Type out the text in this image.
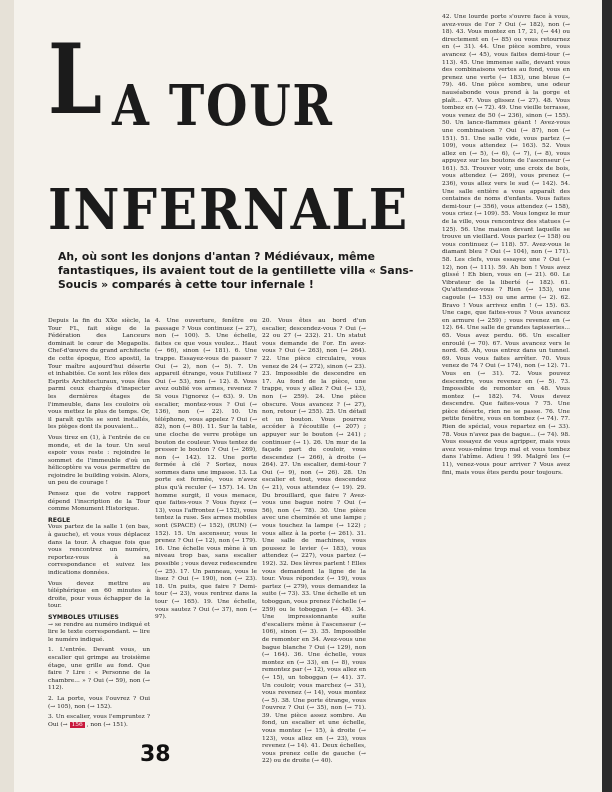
L A TOUR
INFERNALE
Ah, où sont les donjons d'antan ? Médiévaux, même fantastiques, ils avaient tout de la gentillette villa « Sans-Soucis » comparés à cette tour infernale !

Depuis la fin du XXe siècle, la Tour FL, fait siège de la Fédération des Lanceurs dominait le cœur de Megapolis. Chef-d'œuvre du grand architecte de cette époque, Eco apostil, la Tour maître aujourd'hui déserte et inhabitée. Ce sont les rôles des Esprits Architecturaux, vous êtes parmi ceux chargés d'inspecter les dernières étages de l'immeuble, dans les couloirs où vous mettez le plus de temps. Or, il paraît qu'ils se sont installés, les pièges dont ils pouvaient...

Vous tirez en (1), à l'entrée de ce monde, et de la tour. Un seul espoir vous reste : rejoindre le sommet de l'immeuble d'où un hélicoptère va vous permettre de rejoindre le building voisin. Alors, un peu de courage !

Pensez que de votre rapport dépend l'inscription de la Tour comme Monument Historique.

REGLE

Vous partez de la salle 1 (en bas, à gauche), et vous vous déplacez dans la tour. À chaque fois que vous rencontrez un numéro, reportez-vous à sa correspondance et suivez les indications données.

Vous devez mettre au téléphérique en 60 minutes à droite, pour vous échapper de la tour.

SYMBOLES UTILISES

→ se rendre au numéro indiqué et lire le texte correspondant. ← lire le numéro indiqué.

1. L'entrée. Devant vous, un escalier qui grimpe au troisième étage, une grille au fond. Que faire ? Lire : « Personne de la chambre... » ? Oui (→ 59), non (→ 112).

2. La porte, vous l'ouvrez ? Oui (→ 105), non (→ 152).

3. Un escalier, vous l'empruntez ? Oui (→ 156 , non (→ 151).

4. Une ouverture, fenêtre ou passage ? Vous continuez (→ 27), non (→ 100). 5. Une échelle, faites ce que vous voulez... Haut (→ 66), sinon (→ 181). 6. Une trappe. Essayez-vous de passer ? Oui (→ 2), non (→ 5). 7. Un appareil étrange, vous l'utilisez ? Oui (→ 53), non (→ 12). 8. Vous avez oublié vos armes, revenez ? Si vous l'ignorez (→ 63). 9. Un escalier, montez-vous ? Oui (→ 136), non (→ 22). 10. Un téléphone, vous appelez ? Oui (→ 82), non (→ 80). 11. Sur la table, une cloche de verre protège un bouton de couleur. Vous tentez de presser le bouton ? Oui (→ 269), non (→ 142). 12. Une porte fermée à clé ? Sortez, nous sommes dans une impasse. 13. La porte est fermée, vous n'avez plus qu'à reculer (→ 157). 14. Un homme surgit, il vous menace, que faites-vous ? Vous fuyez (→ 13), vous l'affrontez (→ 152), vous tentez la ruse. Ses armes mobiles sont (SPACE) (→ 152), (RUN) (→ 152). 15. Un ascenseur, vous le prenez ? Oui (→ 12), non (→ 179). 16. Une échelle vous mène à un niveau trop bas, sans escalier possible ; vous devez redescendre (→ 25). 17. Un panneau, vous le lisez ? Oui (→ 190), non (→ 23). 18. Un puits, que faire ? Demi-tour (→ 23), vous rentrez dans la tour (→ 165). 19. Une échelle, vous sautez ? Oui (→ 37), non (→ 97).
20. Vous êtes au bord d'un escalier, descendez-vous ? Oui (→ 22 ou 27 (→ 232). 21. Un statut vous demande de l'or. En avez-vous ? Oui (→ 263), non (→ 264). 22. Une pièce circulaire, vous venez de 24 (→ 272), sinon (→ 23). 23. Impossible de descendre en 17. Au fond de la pièce, une trappe, vous y allez ? Oui (→ 13), non (→ 259). 24. Une pièce obscure. Vous avancez ? (→ 27), non, retour (→ 255). 25. Un détail et un bouton. Vous pourrez accéder à l'écoutille (→ 207) ; appuyer sur le bouton (→ 241) ; continuer (→ 1). 26. Un mur de la façade part du couloir, vous descendez (→ 266), à droite (→ 264). 27. Un escalier, demi-tour ? Oui (→ 9), non (→ 26). 28. Un escalier et tout, vous descendez (→ 21), vous attendez (→ 19). 29. Du brouillard, que faire ? Avez-vous une bague noire ? Oui (→ 56), non (→ 78). 30. Une pièce avec une cheminée et une lampe ; vous touchez la lampe (→ 122) ; vous allez à la porte (→ 261). 31. Une salle de machines, vous poussez le levier (→ 183), vous attendez (→ 227), vous partez (→ 192). 32. Des lèvres parlent ! Elles vous demandent la ligne de la tour. Vous répondez (→ 19), vous partez (→ 279), vous demandez la suite (→ 73). 33. Une échelle et un toboggan, vous prenez l'échelle (→ 259) ou le toboggan (→ 48). 34. Une impressionnante suite d'escaliers mène à l'ascenseur (→ 106), sinon (→ 3). 35. Impossible de remonter en 34. Avez-vous une bague blanche ? Oui (→ 129), non (→ 164). 36. Une échelle, vous montez en (→ 33), en (→ 8), vous remontez par (→ 12), vous allez en (→ 15), un toboggan (→ 41). 37. Un couloir, vous marchez (→ 31), vous revenez (→ 14), vous montez (→ 5). 38. Une porte étrange, vous l'ouvrez ? Oui (→ 35), non (→ 71). 39. Une pièce assez sombre. Au fond, un escalier et une échelle, vous montez (→ 15), à droite (→ 123), vous allez en (→ 23), vous revenez (→ 14). 41. Deux échelles, vous prenez celle de gauche (→ 22) ou de droite (→ 40).
42. Une lourde porte s'ouvre face à vous, avez-vous de l'or ? Oui (→ 182), non (→ 18). 43. Vous montez en 17, 21, (→ 44) ou directement en (→ 85) ou vous retournez en (→ 31). 44. Une pièce sombre, vous avancez (→ 45), vous faites demi-tour (→ 113). 45. Une immense salle, devant vous des combinaisons vertes au fond, vous en prenez une verte (→ 183), une bleue (→ 79). 46. Une pièce sombre, une odeur nauséabonde vous prend à la gorge et plaît... 47. Vous glissez (→ 27). 48. Vous tombez en (→ 72). 49. Une vieille terrasse, vous venez de 50 (→ 236), sinon (→ 155). 50. Un lance-flammes géant ! Avez-vous une combinaison ? Oui (→ 87), non (→ 151). 51. Une salle vide, vous partez (→ 109), vous attendez (→ 163). 52. Vous allez en (→ 5), (→ 6), (→ 7), (→ 8), vous appuyez sur les boutons de l'ascenseur (→ 161). 53. Trouver voir, une croix de bois, vous attendez (→ 269), vous prenez (→ 236), vous allez vers le sud (→ 142). 54. Une salle entière a vous apparaît des centaines de noms d'enfants. Vous faites demi-tour (→ 356), vous attendez (→ 158), vous criez (→ 109). 55. Vous longez le mur de la ville, vous rencontrez des statues (→ 125). 56. Une maison devant laquelle se trouve un vieillard. Vous parlez (→ 158) ou vous continuez (→ 118). 57. Avez-vous le diamant bleu ? Oui (→ 104), non (→ 171). 58. Les clefs, vous essayez une ? Oui (→ 12), non (→ 111). 59. Ah bon ! Vous avez glissé ! Eh bien, vous en (→ 21). 60. Le Vibrateur de la liberté (→ 182). 61. Qu'attendez-vous ? Rien (→ 153), une cagoule (→ 153) ou une arme (→ 2). 62. Bravo ! Vous arrivez enfin ! (→ 15). 63. Une cage, que faites-vous ? Vous avancez en armure (→ 259) ; vous revenez en (→ 12). 64. Une salle de grandes tapisseries... 65. Vous avez perdu. 66. Un escalier enroulé (→ 70). 67. Vous avancez vers le nord. 68. Ah, vous entrez dans un tunnel. 69. Vous vous faites arrêter. 70. Vous venez de 74 ? Oui (→ 174), non (→ 12). 71. Vous en (→ 31). 72. Vous pouvez descendre, vous revenez en (→ 5). 73. Impossible de remonter en 48. Vous montez (→ 182). 74. Vous devez descendre. Que faites-vous ? 75. Une pièce déserte, rien ne se passe. 76. Une petite fenêtre, vous en tombez (→ 74). 77. Rien de spécial, vous repartez en (→ 33). 78. Vous n'avez pas de bague... (→ 74). 98. Vous essayez de vous agripper, mais vous avez vous-même trop mal et vous tombez dans l'abîme. Adieu ! 99. Malgré les (→ 11), venez-vous pour arriver ? Vous avez fini, mais vous êtes perdu pour toujours.
38
